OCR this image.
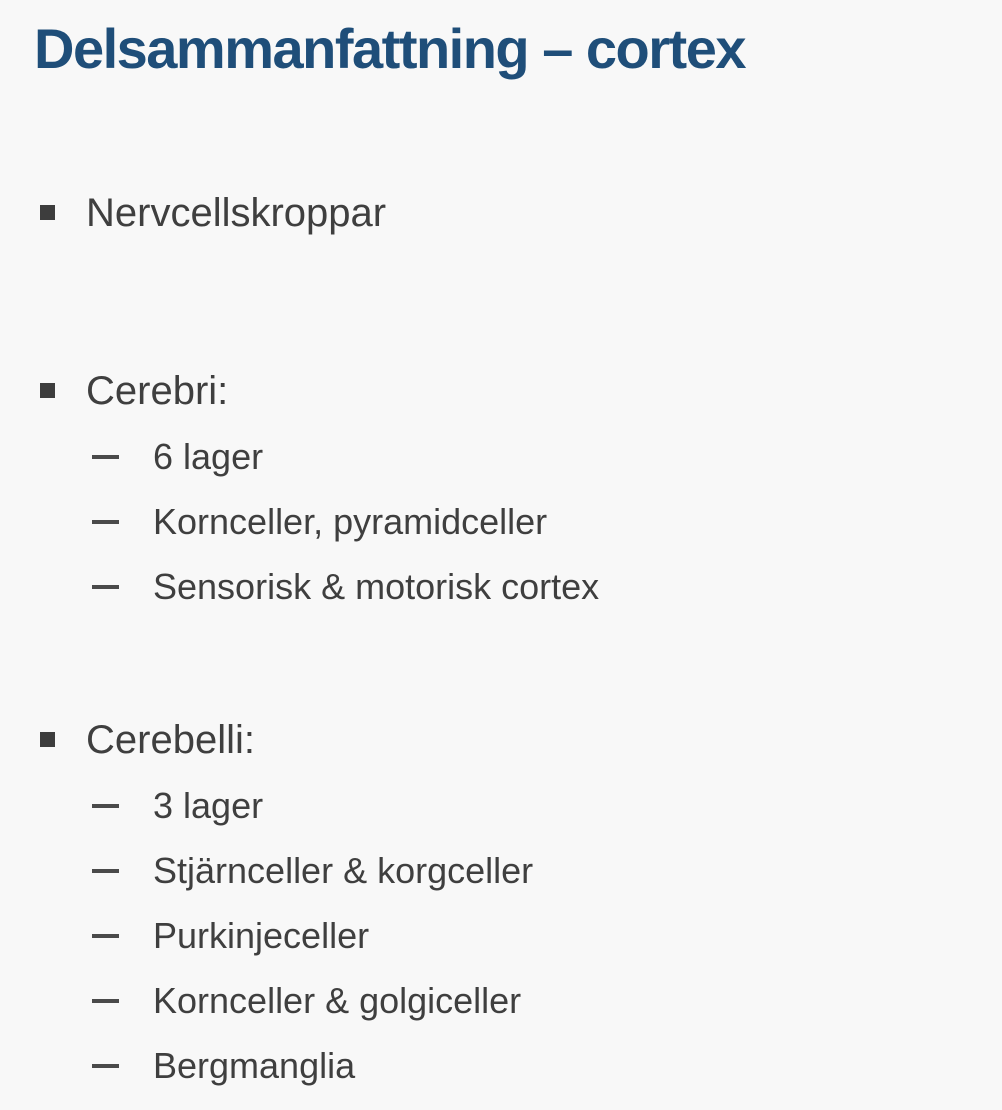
Delsammanfattning – cortex
Nervcellskroppar
Cerebri:
6 lager
Kornceller, pyramidceller
Sensorisk & motorisk cortex
Cerebelli:
3 lager
Stjärnceller & korgceller
Purkinjeceller
Kornceller & golgiceller
Bergmanglia
